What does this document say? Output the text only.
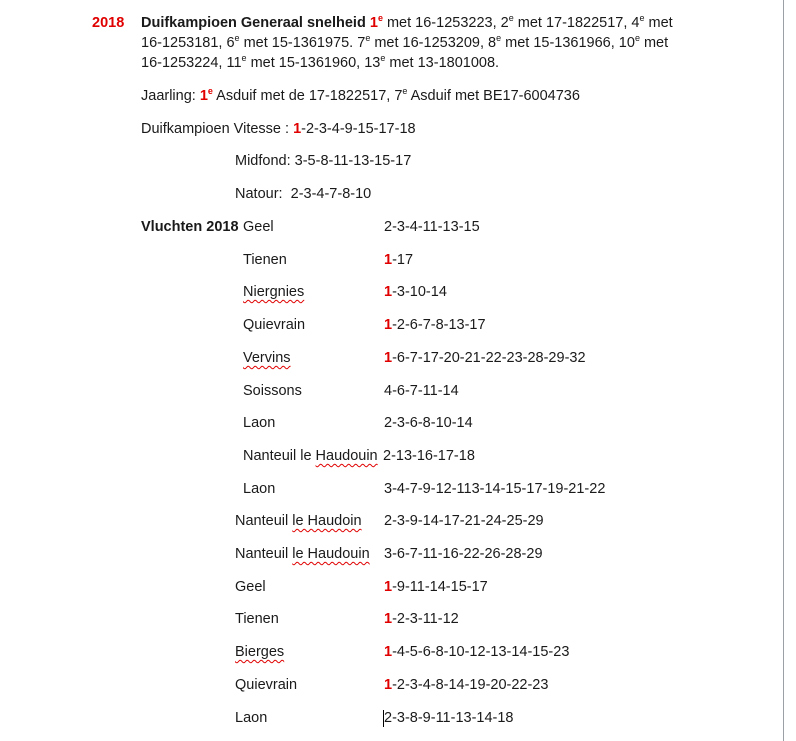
2018 Duifkampioen Generaal snelheid 1e met 16-1253223, 2e met 17-1822517, 4e met
16-1253181, 6e met 15-1361975. 7e met 16-1253209, 8e met 15-1361966, 10e met
16-1253224, 11e met 15-1361960, 13e met 13-1801008.
Jaarling: 1e Asduif met de 17-1822517, 7e Asduif met BE17-6004736
Duifkampioen Vitesse : 1-2-3-4-9-15-17-18
Midfond: 3-5-8-11-13-15-17
Natour: 2-3-4-7-8-10
Vluchten 2018 Geel	2-3-4-11-13-15
Tienen	1-17
Niergnies	1-3-10-14
Quievrain	1-2-6-7-8-13-17
Vervins	1-6-7-17-20-21-22-23-28-29-32
Soissons	4-6-7-11-14
Laon	2-3-6-8-10-14
Nanteuil le Haudouin 2-13-16-17-18
Laon	3-4-7-9-12-113-14-15-17-19-21-22
Nanteuil le Haudoin 2-3-9-14-17-21-24-25-29
Nanteuil le Haudouin 3-6-7-11-16-22-26-28-29
Geel	1-9-11-14-15-17
Tienen	1-2-3-11-12
Bierges	1-4-5-6-8-10-12-13-14-15-23
Quievrain	1-2-3-4-8-14-19-20-22-23
Laon	2-3-8-9-11-13-14-18
